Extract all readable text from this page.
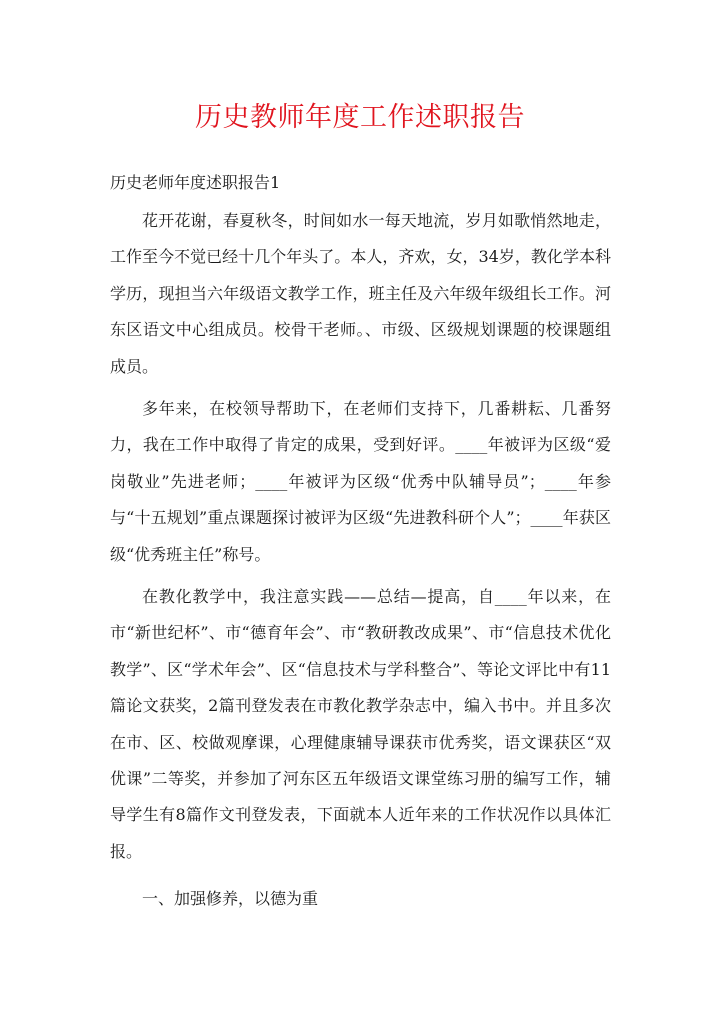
历史教师年度工作述职报告
历史老师年度述职报告1
花开花谢，春夏秋冬，时间如水一每天地流，岁月如歌悄然地走，工作至今不觉已经十几个年头了。本人，齐欢，女，34岁，教化学本科学历，现担当六年级语文教学工作，班主任及六年级年级组长工作。河东区语文中心组成员。校骨干老师。、市级、区级规划课题的校课题组成员。
多年来，在校领导帮助下，在老师们支持下，几番耕耘、几番努力，我在工作中取得了肯定的成果，受到好评。____年被评为区级“爱岗敬业”先进老师；____年被评为区级“优秀中队辅导员”；____年参与“十五规划”重点课题探讨被评为区级“先进教科研个人”；____年获区级“优秀班主任”称号。
在教化教学中，我注意实践——总结—提高，自____年以来，在市“新世纪杯”、市“德育年会”、市“教研教改成果”、市“信息技术优化教学”、区“学术年会”、区“信息技术与学科整合”、等论文评比中有11篇论文获奖，2篇刊登发表在市教化教学杂志中，编入书中。并且多次在市、区、校做观摩课，心理健康辅导课获市优秀奖，语文课获区“双优课”二等奖，并参加了河东区五年级语文课堂练习册的编写工作，辅导学生有8篇作文刊登发表，下面就本人近年来的工作状况作以具体汇报。
一、加强修养，以德为重
